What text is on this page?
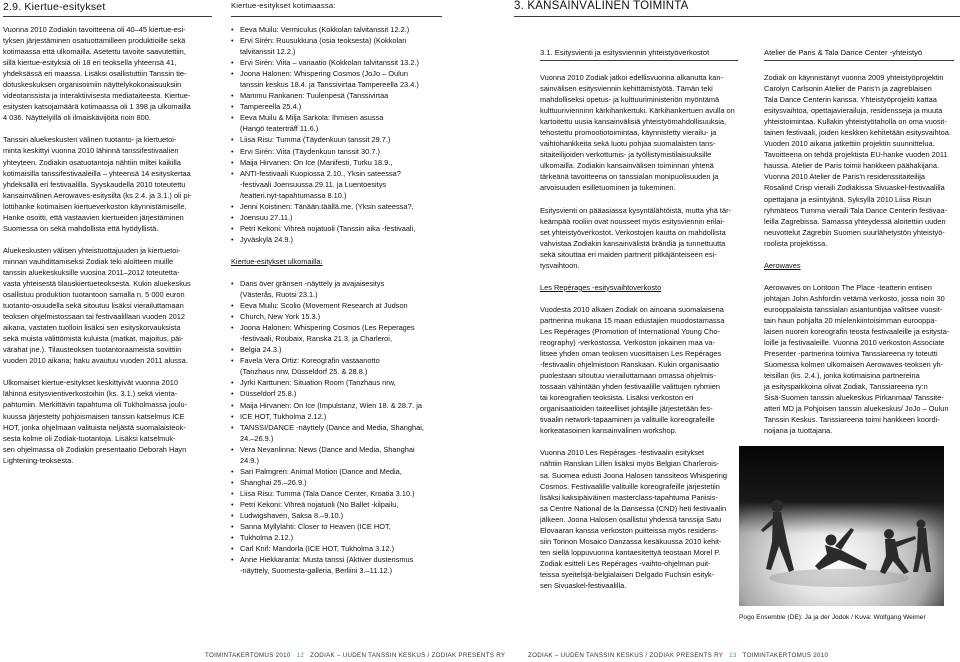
2.9. Kiertue-esitykset

Vuonna 2010 Zodiakin tavoitteena oli 40–45 kiertue-esi-

tyksen järjestäminen osatuottamilleen produktioille sekä

kotimaassa että ulkomailla. Asetettu tavoite saavutettiin,

sillä kiertue-esityksiä oli 18 eri teoksella yhteensä 41,

yhdeksässä eri maassa. Lisäksi osallistuttiin Tanssin tie-

dotuskeskuksen organisoimiin näyttelykokonaisuuksiin

videotanssista ja interaktiivisesta mediataiteesta. Kiertue-

esitysten katsojamäärä kotimaassa oli 1 398 ja ulkomailla

4 036. Näyttelyillä oli ilmaiskävijöitä noin 800.

Tanssin aluekeskusten välinen tuotanto- ja kiertuetoi-

minta keskittyi vuonna 2010 lähinnä tanssifestivaalien

yhteyteen. Zodiakin osatuotantoja nähtiin miltei kaikilla

kotimaisilla tanssifestivaaleilla – yhteensä 14 esityskertaa

yhdeksällä eri festivaalilla. Syyskaudella 2010 toteutettu

kansainvälinen Aerowaves-esitysilta (ks 2.4. ja 3.1.) oli pi-

lottihanke kotimaisen kiertueverkoston käynnistämiselle.

Hanke osoitti, että vastaavien kiertueiden järjestäminen

Suomessa on sekä mahdollista että hyödyllistä.

Aluekeskusten välisen yhteistuottajuuden ja kiertuetoi-

minnan vauhdittamiseksi Zodiak teki aloitteen muille

tanssin aluekeskuksille vuosina 2011–2012 toteutetta-

vasta yhteisestä tilauskiertueteoksesta. Kukin aluekeskus

osallistuu produktion tuotantoon samalla n. 5 000 euron

tuotanto-osuudella sekä sitoutuu lisäksi vierailuttamaan

teoksen ohjelmistossaan tai festivaalillaan vuoden 2012

aikana, vastaten tuolloin lisäksi sen esityskorvauksista

sekä muista välittömistä kuluista (matkat, majoitus, päi-

värahat jne.). Tilausteoksen tuotantoraameista sovittiin

vuoden 2010 aikana; haku avautuu vuoden 2011 alussa.

Ulkomaiset kiertue-esitykset keskittyivät vuonna 2010

lähinnä esitysvientiverkostoihin (ks. 3.1.) sekä vienta-

pahtumiin. Merkittävin tapahtuma oli Tukholmassa joulu-

kuussa järjestetty pohjoismaisen tanssin katselmus ICE

HOT, jonka ohjelmaan valituista neljästä suomalaisteok-

sesta kolme oli Zodiak-tuotantoja. Lisäksi katselmuk-

sen ohjelmassa oli Zodiakin presentaatio Deborah Hayn

Lightening-teoksesta.

Kiertue-esitykset kotimaassa:
• Eeva Muilu: Vermiculus (Kokkolan talvitanssit 12.2.)
• Ervi Sirén: Ruusukkuna (osia teoksesta) (Kokkolan
talvitanssit 12.2.)
• Ervi Sirén: Viita – variaatio (Kokkolan talvitanssit 13.2.)
• Joona Halonen: Whispering Cosmos (JoJo – Oulun
tanssin keskus 18.4. ja Tanssivirtaa Tampereella 23.4.)
• Mammu Rankanen: Tuulenpesä (Tanssivirtaa
• Tampereella 25.4.)
• Eeva Muilu & Milja Sarkola: Ihmisen asussa
(Hangö teatertráff 11.6.)
• Liisa Risu: Tumma (Täydenkuun tanssit 29.7.)
• Ervi Sirén: Viita (Täydenkuun tanssit 30.7.)
• Maija Hirvanen: On Ice (Manifesti, Turku 18.9.,
• ANTI-festivaali Kuopiossa 2.10., Yksin sateessa?
-festivaali Joensuussa 29.11. ja Luentoesitys
/teatteri.nyt-tapahtumassa 8.10.)
• Jenni Koistinen: Tänään.täällä.me. (Yksin sateessa?,
• Joensuu 27.11.)
• Petri Kekoni: Vihreä nojatuoli (Tanssin aika -festivaali,
• Jyväskylä 24.9.)

Kiertue-esitykset ulkomailla:

• Dans över gränsen -näyttely ja avajaisesitys
(Västerås, Ruotsi 23.1.)
• Eeva Muilu: Scolio (Movement Research at Judson
• Church, New York 15.3.)
• Joona Halonen: Whispering Cosmos (Les Reperages
-festivaali, Roubaix, Ranska 21.3. ja Charleroi,
• Belgia 24.3.)
• Favela Vera Ortiz: Koreografin vastaanotto
(Tanzhaus nrw, Düsseldorf 25. & 28.8.)
• Jyrki Karttunen: Situation Room (Tanzhaus nrw,
• Düsseldorf 25.8.)
• Maija Hirvanen: On Ice (Impulstanz, Wien 18. & 28.7. ja
• ICE HOT, Tukholma 2.12.)
• TANSSI/DANCE -näyttely (Dance and Media, Shanghai,
24.–26.9.)
• Vera Nevanlinna: News (Dance and Media, Shanghai
24.9.)
• Sari Palmgren: Animal Motion (Dance and Media,
• Shanghai 25.–26.9.)
• Liisa Risu: Tumma (Tala Dance Center, Kroatia 3.10.)
• Petri Kekoni: Vihreä nojatuoli (No Ballet -kilpailu,
• Ludwigshaven, Saksa 8.–9.10.)
• Sanna Myllylahti: Closer to Heaven (ICE HOT,
• Tukholma 2.12.)
• Carl Knif: Mandorla (ICE HOT, Tukholma 3.12.)
• Anne Hiekkaranta: Musta tanssi (Aktiver dusterismus
-näyttely, Suomesta-galleria, Berliini 3.–11.12.)
3. KANSAINVÄLINEN TOIMINTA
3.1. Esitysvienti ja esitysviennin yhteistyöverkostot	Atelier de Paris & Tala Dance Center -yhteistyö

Vuonna 2010 Zodiak jatkoi edellisvuonna alkanutta kan-

sainvälisen esitysviennin kehittämistyötä. Tämän teki

mahdolliseksi opetus- ja kulttuuriministeriön myöntämä

kulttuurivienninn kärkihankertuki. Kärkihankertuen avulla on

kartoitettu uusia kansainvälisiä yhteistyömahdollisuuksia,

tehostettu promootiotoimintaa, käynnistetty vierailu- ja

vaihtohankkeita sekä luotu pohjaa suomalaisten tans-

sitaiteilijoiden verkottumis- ja työllistymistilaisuuksille

ulkomailla. Zodiakin kansainvälisen toiminnan yhtenä

tärkeänä tavoitteena on tanssialan monipuolisuuden ja

arvoisuuden esilletuominen ja tukeminen.

Esitysvienti on pääasiassa kysyntälähtöistä, mutta yhä tär-

keämpää rooliin ovat nousseet myös esitysviennin erilai-

set yhteistyöverkostot. Verkostojen kautta on mahdollista

vahvistaa Zodiakin kansainvälistä brändiä ja tunnettuutta

sekä sitouttaa eri maiden partnerit pitkäjänteiseen esi-

tysvaihtoon.

Les Repérages -esitysvaihtoverkosto

Vuodesta 2010 alkaen Zodiak on ainoana suomalaisena

partnerina mukana 15 maan edustajien muodostamassa

Les Repérages (Promotion of International Young Cho-

reography) -verkostossa. Verkoston jokainen maa va-

litsee yhden oman teoksen vuosittaisen Les Repérages

-festivaalin ohjelmistoon Ranskaan. Kukin organisaatio

puolestaan sitoutuu vierailuttamaan omassa ohjelmis-

tossaan vähintään yhden festivaalille valittujen ryhmien

tai koreografien teoksista. Lisäksi verkoston eri

organisaatioiden taiteelliset johtajille järjestetään fes-

tivaalin network-tapaaminen ja valituille koreografeille

korkeatasoinen kansainvälinen workshop.

Vuonna 2010 Les Repérages -festivaalin esitykset

nähtiin Ranskan Lillen lisäksi myös Belgian Charlerois-

sa. Suomea edusti Joona Halosen tanssiteos Whispering

Cosmos. Festivaalille valituille koreografeille järjestetiin

lisäksi kaksipäiväinen masterclass-tapahtuma Pariisis-

sa Centre National de la Dansessa (CND) heti festivaalin

jälkeen. Joona Halosen osallistui yhdessä tanssija Satu

Elovaaran kanssa verkoston puitteissa myös residens-

siin Torinon Mosaico Danzassa kesäkuussa 2010 kehit-

ten siellä loppuvuonna kantaesitettyä teostaan Morel P.

Zodiak esitteli Les Repérages -vaihto-ohjelman puit-

teissa syeitelsjä-belgialaisen Delgado Fuchsin esityk-

sen Sivuaskel-festivaalilla.

Zodiak on käynnistänyt vuonna 2009 yhteistyöprojektin

Carolyn Carlsonin Atelier de Paris'n ja zagreblaisen

Tala Dance Centerin kanssa. Yhteistyöprojekti kattaa

esitysvaihtoa, opettajavierailuja, residensseja ja muuta

yhteistoimintaa. Kullakin yhteistyötaholla on oma vuosit-

tainen festivaali, joiden keskken kehitetään esitysvaihtoa.

Vuoden 2010 aikana jatkettiin projektin suunnittelua.

Tavoitteena on tehdä projektista EU-hanke vuoden 2011

haussa. Atelier de Paris toimii hankkeen päähakijana.

Vuonna 2010 Atelier de Paris'n residenssitaiteilija

Rosalind Crisp vieraili Zodiakissa Sivuaskel-festivaalilla

opettajana ja esiintyjänä. Syksyllä 2010 Liisa Risun

ryhmäteos Tumma vieraili Tala Dance Centerin festivaa-

leilla Zagrebissa. Samassa yhteydessä aloitettiin uuden

neuvottelut Zagrebin Suomen suurlähetystön yhteistyö-

roolista projektissa.

Aerowaves

Aerowaves on Lontoon The Place -teatterin entisen

johtajan John Ashfordin vetämä verkosto, jossa noin 30

eurooppalaista tanssialan asiantuntijaa valitsee vuosit-

tain haun pohjalta 20 mielenkiintoisimman eurooppa-

laisen nuoren koreografin teosta festivaaleille ja esitysta-

loille ja festivaaleille. Vuonna 2010 verkoston Associate

Presenter -partnerina toimiva Tanssiareena ry toteutti

Suomessa kolmen ulkomaisen Aerowaves-teoksen yh-

teisillan (ks. 2.4.), jonka kotimaisina partnereina

ja esityspaikkoina olivat Zodiak, Tanssiareena ry:n

Sisä-Suomen tanssin aluekeskus Pirkanmaa/ Tanssite-

atteri MD ja Pohjoisen tanssin aluekeskus/ JoJo – Oulun

Tanssin Keskus. Tanssiareena toimi hankkeen koordi-

noijana ja tuottajana.

Pogo Ensemble (DE): Ja ja der Jodok / Kuva: Wolfgang Weimer
TOIMINTAKERTOMUS 2010 12 ZODIAK – UUDEN TANSSIN KESKUS / ZODIAK PRESENTS RY	ZODIAK – UUDEN TANSSIN KESKUS / ZODIAK PRESENTS RY 13 TOIMINTAKERTOMUS 2010
